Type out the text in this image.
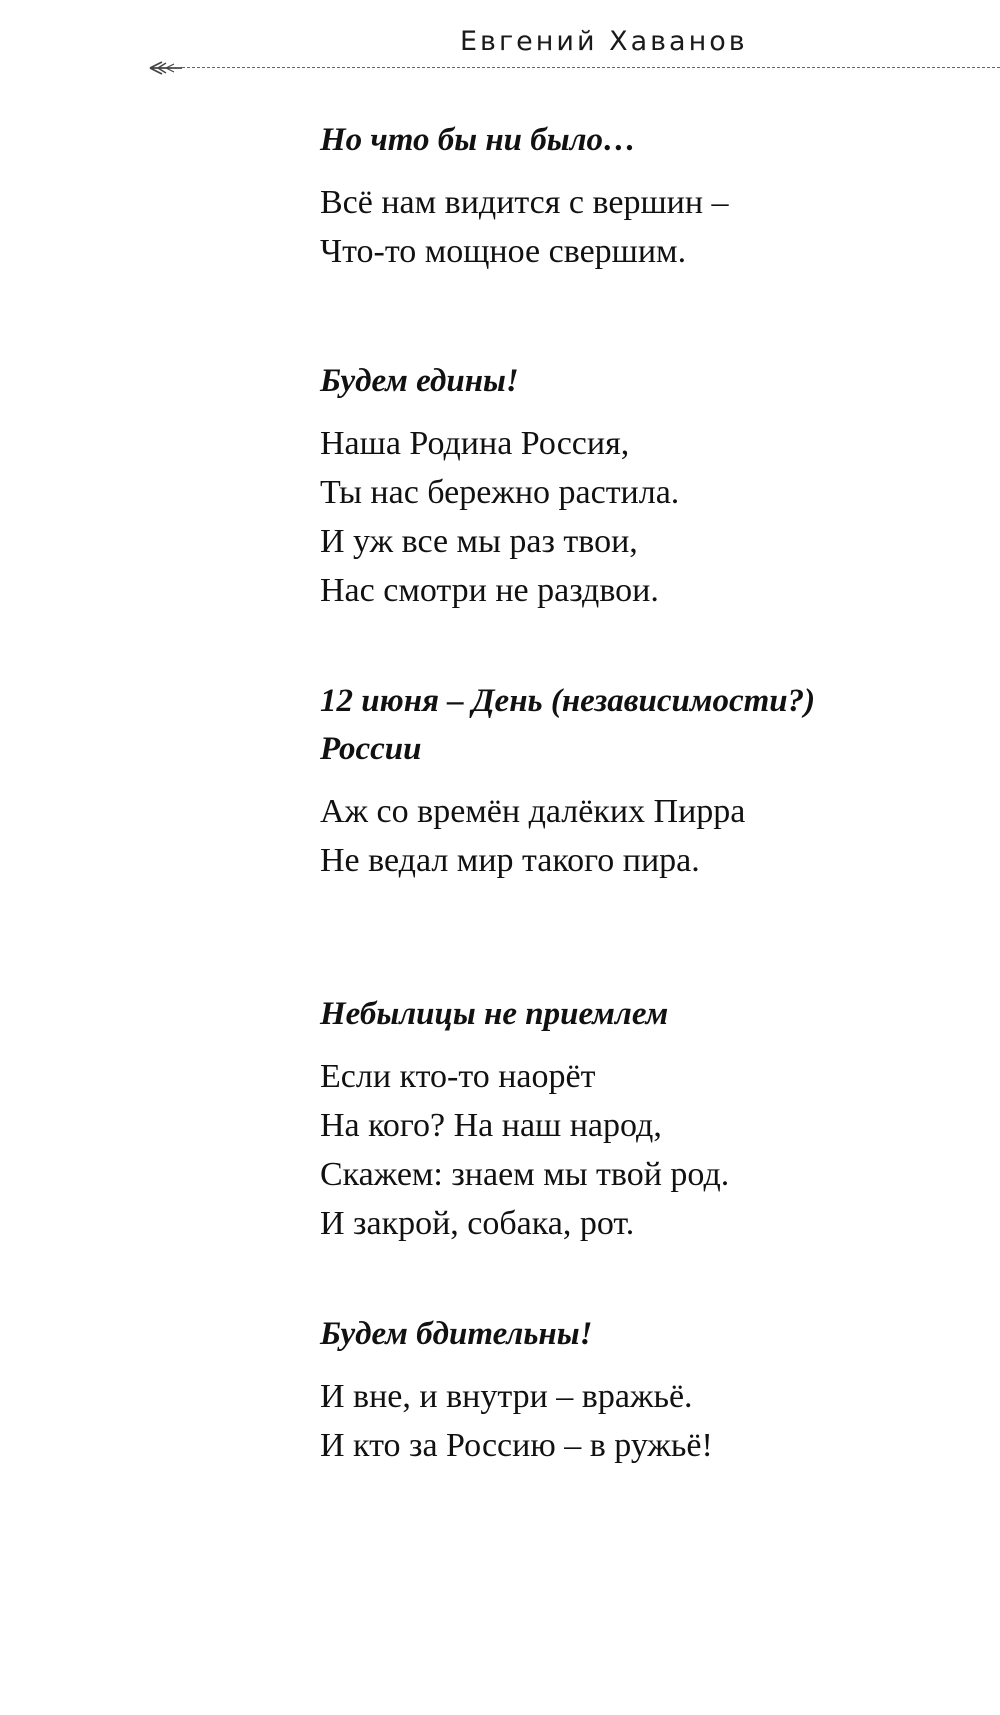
Евгений Хаванов
Но что бы ни было…
Всё нам видится с вершин –
Что-то мощное свершим.
Будем едины!
Наша Родина Россия,
Ты нас бережно растила.
И уж все мы раз твои,
Нас смотри не раздвои.
12 июня – День (независимости?)
России
Аж со времён далёких Пирра
Не ведал мир такого пира.
Небылицы не приемлем
Если кто-то наорёт
На кого? На наш народ,
Скажем: знаем мы твой род.
И закрой, собака, рот.
Будем бдительны!
И вне, и внутри – вражьё.
И кто за Россию – в ружьё!
